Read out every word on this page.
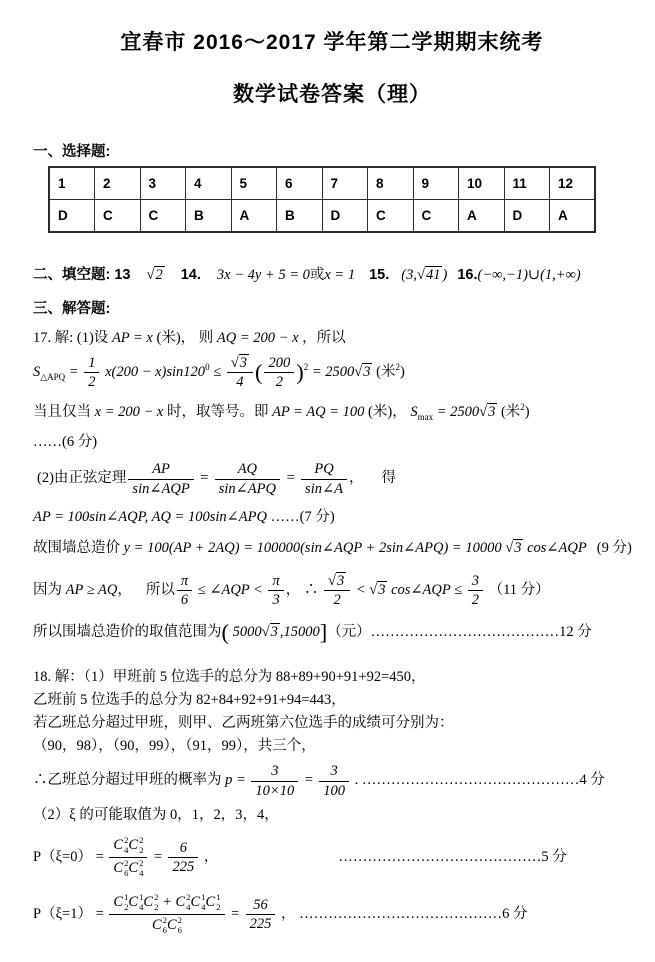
宜春市 2016～2017 学年第二学期期末统考
数学试卷答案（理）
一、选择题:
1	2	3	4	5	6	7	8	9	10	11	12
D	C	C	B	A	B	D	C	C	A	D	A
二、填空题: 13 √2 14. 3x − 4y + 5 = 0或x = 1 15. (3,√41 ) 16.(−∞,−1)∪(1,+∞)
三、解答题:
17. 解: (1)设 AP = x (米)， 则 AQ = 200 − x ，所以
$S_{\triangle APQ} = \frac{1}{2} x(200 - x)\sin 120^0 \le \frac{√3}{4}$ ( $\frac{200}{2} )^2 = 2500√3$ (米$^2$)
当且仅当 x = 200 − x 时，取等号。即 AP = AQ = 100 (米)， $S_{max} = 2500√3$ (米$^2$)
……(6 分)
(2)由正弦定理 $\frac{AP}{\text{sin∠AQP}} = \frac{AQ}{\text{sin∠APQ}} = \frac{PQ}{\sin\angle A}$ ， 得
AP = 100sin∠AQP, AQ = 100sin∠APQ ……(7 分)
故围墙总造价 y = 100(AP + 2AQ) = 100000(sin∠AQP + 2sin∠APQ) = 10000 √3 cos∠AQP (9 分)
因为 AP ≥ AQ， 所以 $\frac{\pi}{6}$ ≤ ∠AQP < $\frac{\pi}{3}$ ， ∴ $\frac{√3}{2} < √3$ cos∠AQP ≤ $\frac{3}{2} (11$ 分）
所以围墙总造价的取值范围为( 5000√3 ,15000]（元）…………………………………12 分
18. 解：（1）甲班前 5 位选手的总分为 88+89+90+91+92=450，
乙班前 5 位选手的总分为 82+84+92+91+94=443，
若乙班总分超过甲班，则甲、乙两班第六位选手的成绩可分别为：
（90，98），（90，99），（91，99），共三个，
∴乙班总分超过甲班的概率为 $p = \frac{3}{10\times 10} = \frac{3}{100}$ . ………………………………………4 分
（2）ξ 的可能取值为 0，1，2，3，4，
P（ξ=0） = C 2
4 C 2
2
C 2
6 C 2
$4 = \frac{6}{225}$ ，	……………………………………5 分
P（ξ=1） = C 1
2 C 1
4 C 2
2 + C 2
4 C 1
4 C 1
2
C 2
6 C 2
$6 = \frac{56}{225}$ ， ……………………………………6 分
